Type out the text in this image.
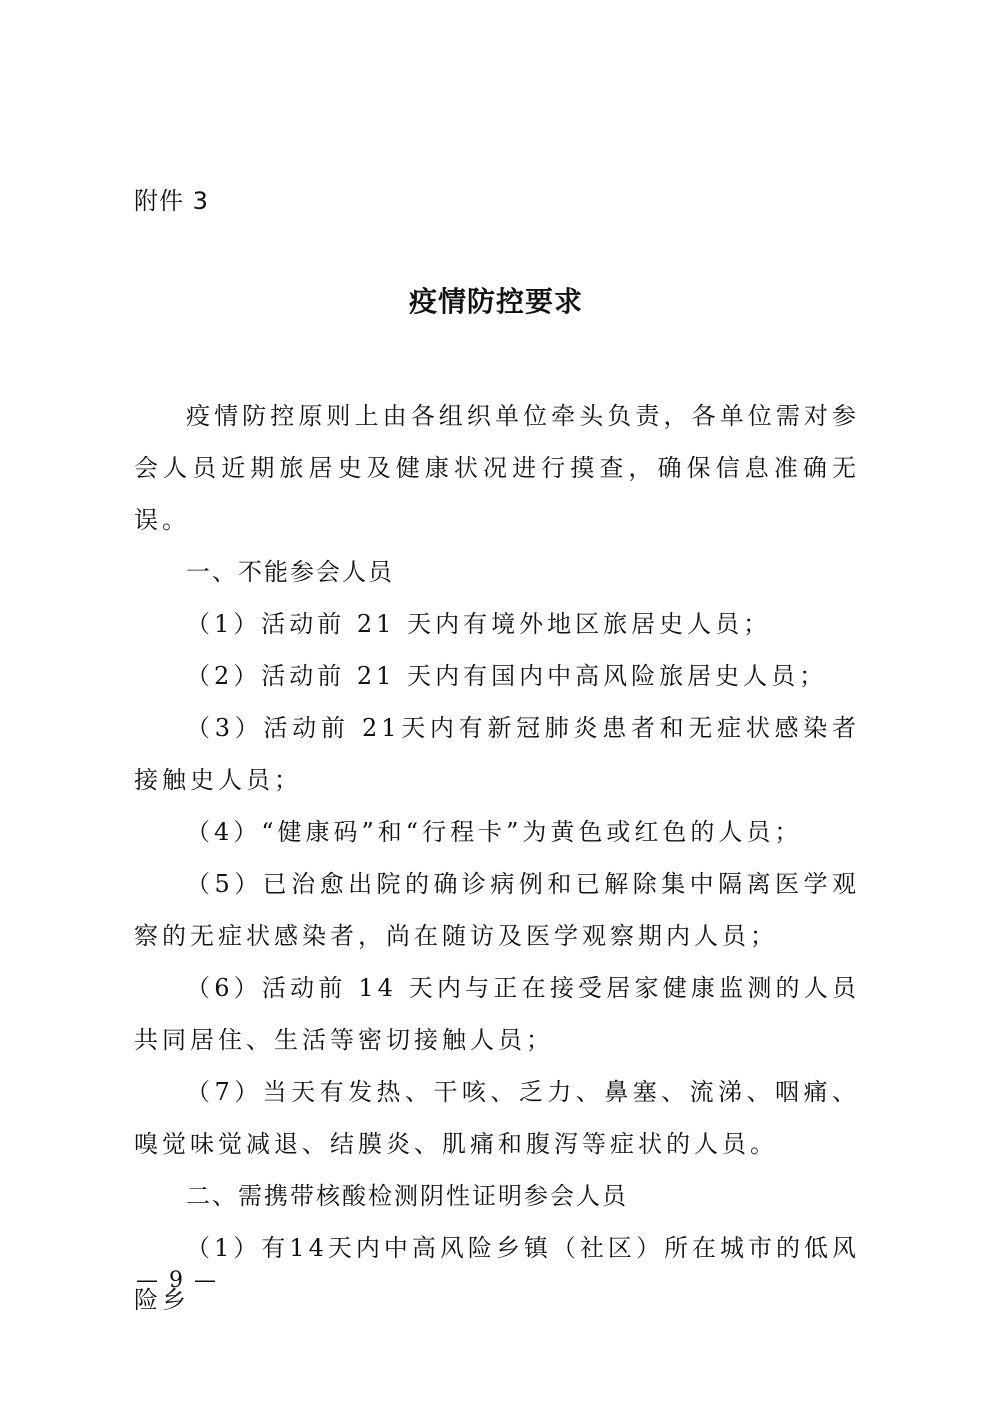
附件 3
疫情防控要求

疫情防控原则上由各组织单位牵头负责，各单位需对参会人员近期旅居史及健康状况进行摸查，确保信息准确无误。

一、不能参会人员

（1）活动前 21 天内有境外地区旅居史人员；

（2）活动前 21 天内有国内中高风险旅居史人员；

（3）活动前 21天内有新冠肺炎患者和无症状感染者接触史人员；

（4）“健康码”和“行程卡”为黄色或红色的人员；

（5）已治愈出院的确诊病例和已解除集中隔离医学观察的无症状感染者，尚在随访及医学观察期内人员；

（6）活动前 14 天内与正在接受居家健康监测的人员共同居住、生活等密切接触人员；

（7）当天有发热、干咳、乏力、鼻塞、流涕、咽痛、嗅觉味觉减退、结膜炎、肌痛和腹泻等症状的人员。

二、需携带核酸检测阴性证明参会人员

（1）有14天内中高风险乡镇（社区）所在城市的低风险乡

— 9 —
